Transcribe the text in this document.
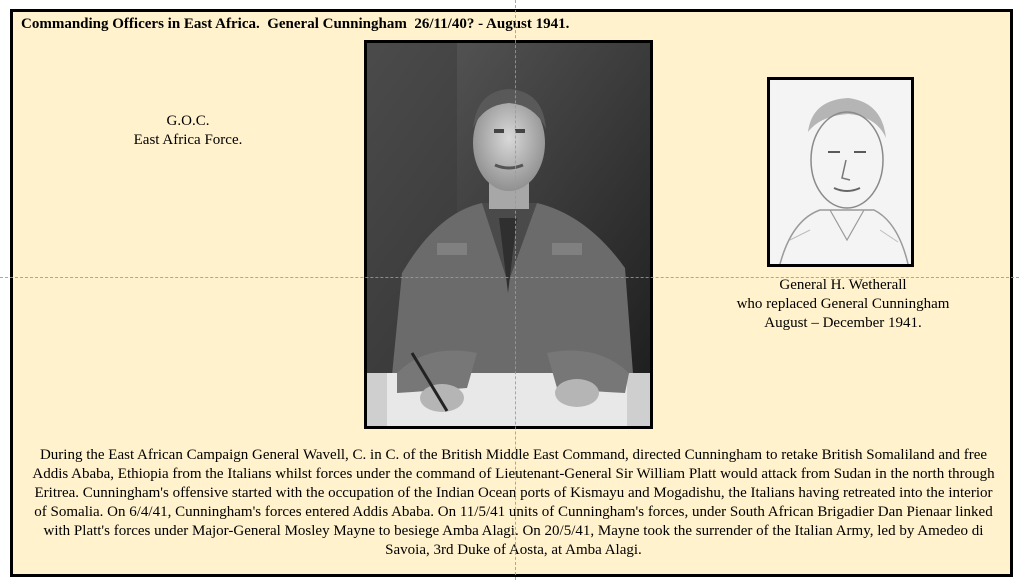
Commanding Officers in East Africa.  General Cunningham  26/11/40? - August 1941.
G.O.C.
East Africa Force.
General H. Wetherall
who replaced General Cunningham
August – December 1941.
During the East African Campaign General Wavell, C. in C. of the British Middle East Command, directed Cunningham to retake British Somaliland and free Addis Ababa, Ethiopia from the Italians whilst forces under the command of Lieutenant-General Sir William Platt would attack from Sudan in the north through Eritrea. Cunningham's offensive started with the occupation of the Indian Ocean ports of Kismayu and Mogadishu, the Italians having retreated into the interior of Somalia. On 6/4/41, Cunningham's forces entered Addis Ababa. On 11/5/41 units of Cunningham's forces, under South African Brigadier Dan Pienaar linked with Platt's forces under Major-General Mosley Mayne to besiege Amba Alagi. On 20/5/41, Mayne took the surrender of the Italian Army, led by Amedeo di Savoia, 3rd Duke of Aosta, at Amba Alagi.
